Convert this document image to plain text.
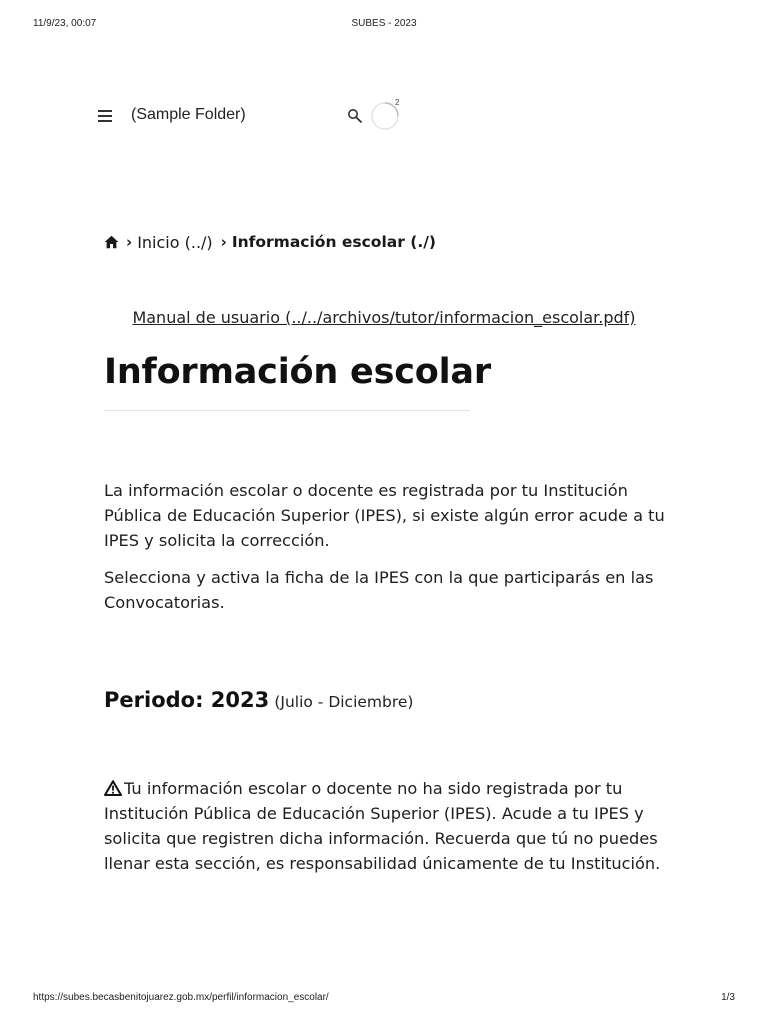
11/9/23, 00:07	SUBES - 2023
(Sample Folder)
2
› Inicio (../) › Información escolar (./)
Manual de usuario (../../archivos/tutor/informacion_escolar.pdf)
Información escolar

La información escolar o docente es registrada por tu Institución Pública de Educación Superior (IPES), si existe algún error acude a tu IPES y solicita la corrección.

Selecciona y activa la ficha de la IPES con la que participarás en las Convocatorias.

Periodo: 2023 (Julio - Diciembre)

Tu información escolar o docente no ha sido registrada por tu Institución Pública de Educación Superior (IPES). Acude a tu IPES y solicita que registren dicha información. Recuerda que tú no puedes llenar esta sección, es responsabilidad únicamente de tu Institución.

https://subes.becasbenitojuarez.gob.mx/perfil/informacion_escolar/	1/3
